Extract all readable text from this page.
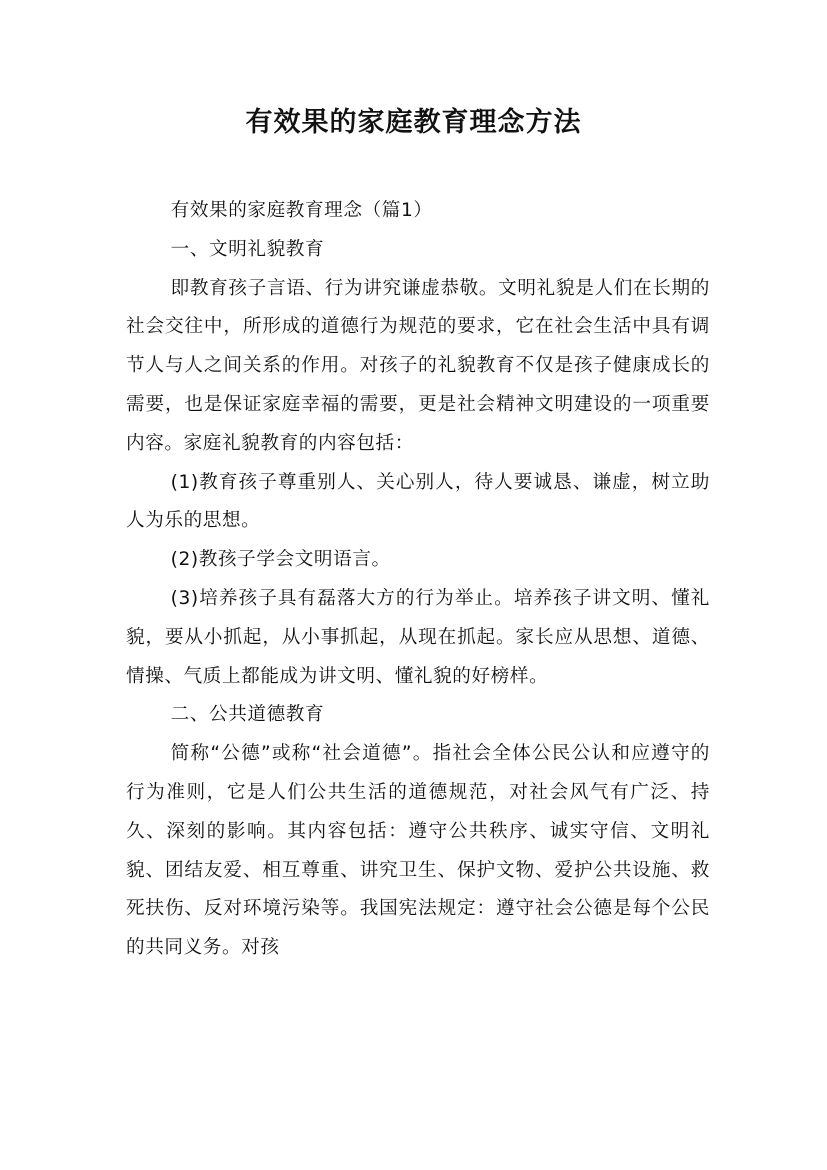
有效果的家庭教育理念方法

有效果的家庭教育理念（篇1）

一、文明礼貌教育

即教育孩子言语、行为讲究谦虚恭敬。文明礼貌是人们在长期的社会交往中，所形成的道德行为规范的要求，它在社会生活中具有调节人与人之间关系的作用。对孩子的礼貌教育不仅是孩子健康成长的需要，也是保证家庭幸福的需要，更是社会精神文明建设的一项重要内容。家庭礼貌教育的内容包括：

(1)教育孩子尊重别人、关心别人，待人要诚恳、谦虚，树立助人为乐的思想。

(2)教孩子学会文明语言。

(3)培养孩子具有磊落大方的行为举止。培养孩子讲文明、懂礼貌，要从小抓起，从小事抓起，从现在抓起。家长应从思想、道德、情操、气质上都能成为讲文明、懂礼貌的好榜样。

二、公共道德教育

简称“公德”或称“社会道德”。指社会全体公民公认和应遵守的行为准则，它是人们公共生活的道德规范，对社会风气有广泛、持久、深刻的影响。其内容包括：遵守公共秩序、诚实守信、文明礼貌、团结友爱、相互尊重、讲究卫生、保护文物、爱护公共设施、救死扶伤、反对环境污染等。我国宪法规定：遵守社会公德是每个公民的共同义务。对孩
